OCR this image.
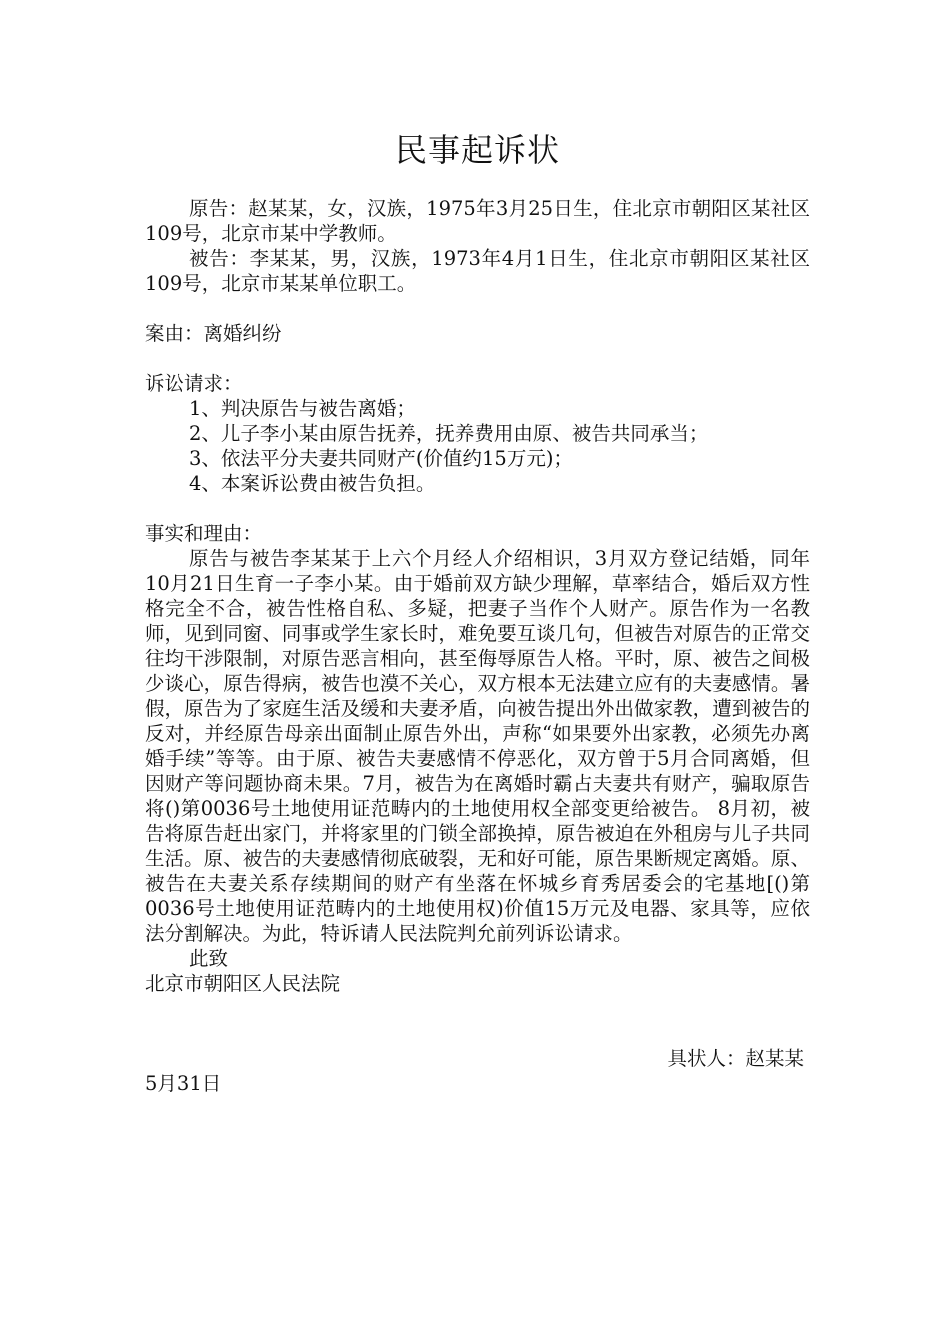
民事起诉状

原告：赵某某，女，汉族，1975年3月25日生，住北京市朝阳区某社区109号，北京市某中学教师。

被告：李某某，男，汉族，1973年4月1日生，住北京市朝阳区某社区109号，北京市某某单位职工。

案由：离婚纠纷

诉讼请求：

1、判决原告与被告离婚；

2、儿子李小某由原告抚养，抚养费用由原、被告共同承当；

3、依法平分夫妻共同财产(价值约15万元)；

4、本案诉讼费由被告负担。

事实和理由：

原告与被告李某某于上六个月经人介绍相识，3月双方登记结婚，同年10月21日生育一子李小某。由于婚前双方缺少理解，草率结合，婚后双方性格完全不合，被告性格自私、多疑，把妻子当作个人财产。原告作为一名教师，见到同窗、同事或学生家长时，难免要互谈几句，但被告对原告的正常交往均干涉限制，对原告恶言相向，甚至侮辱原告人格。平时，原、被告之间极少谈心，原告得病，被告也漠不关心，双方根本无法建立应有的夫妻感情。暑假，原告为了家庭生活及缓和夫妻矛盾，向被告提出外出做家教，遭到被告的反对，并经原告母亲出面制止原告外出，声称“如果要外出家教，必须先办离婚手续”等等。由于原、被告夫妻感情不停恶化，双方曾于5月合同离婚，但因财产等问题协商未果。7月，被告为在离婚时霸占夫妻共有财产，骗取原告将()第0036号土地使用证范畴内的土地使用权全部变更给被告。 8月初，被告将原告赶出家门，并将家里的门锁全部换掉，原告被迫在外租房与儿子共同生活。原、被告的夫妻感情彻底破裂，无和好可能，原告果断规定离婚。原、被告在夫妻关系存续期间的财产有坐落在怀城乡育秀居委会的宅基地[()第0036号土地使用证范畴内的土地使用权)价值15万元及电器、家具等，应依法分割解决。为此，特诉请人民法院判允前列诉讼请求。

此致

北京市朝阳区人民法院

具状人：赵某某

5月31日
